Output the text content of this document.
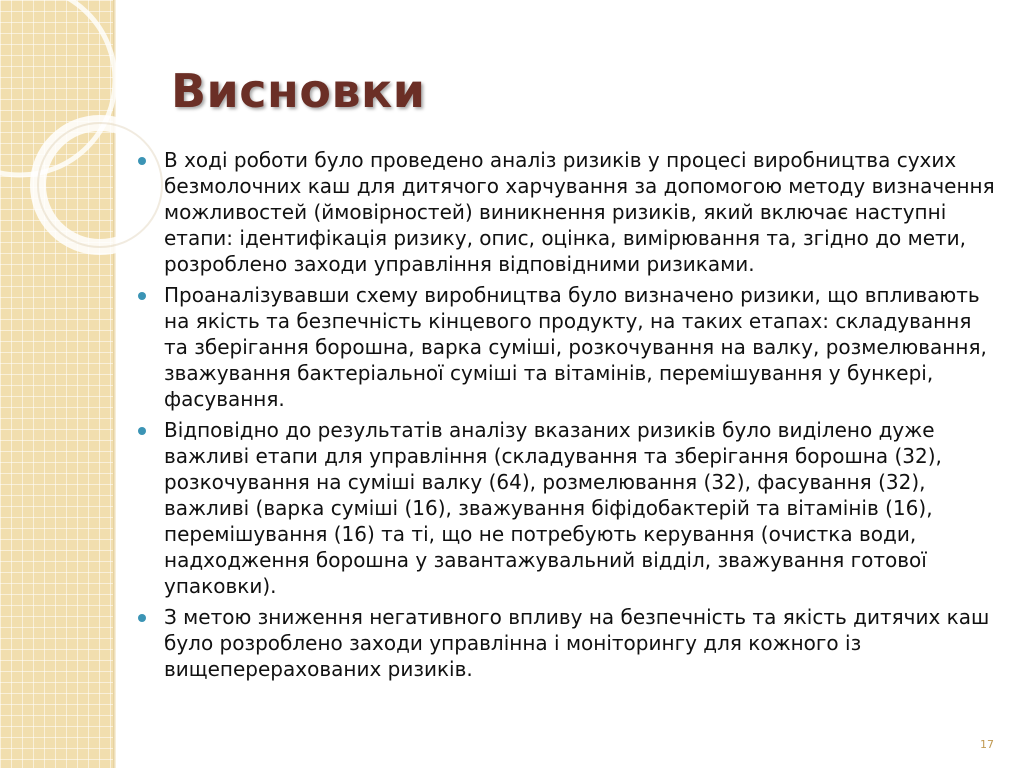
Висновки
В ході роботи було проведено аналіз ризиків у процесі виробництва сухих безмолочних каш для дитячого харчування за допомогою методу визначення можливостей (ймовірностей) виникнення ризиків, який включає наступні етапи: ідентифікація ризику, опис, оцінка, вимірювання та, згідно до мети, розроблено заходи управління відповідними ризиками.
Проаналізувавши схему виробництва було визначено ризики, що впливають на якість та безпечність кінцевого продукту, на таких етапах: складування та зберігання борошна, варка суміші, розкочування на валку, розмелювання, зважування бактеріальної суміші та вітамінів, перемішування у бункері, фасування.
Відповідно до результатів аналізу вказаних ризиків було виділено дуже важливі етапи для управління (складування та зберігання борошна (32), розкочування на суміші валку (64), розмелювання (32), фасування (32), важливі (варка суміші (16), зважування біфідобактерій та вітамінів (16), перемішування (16) та ті, що не потребують керування (очистка води, надходження борошна у завантажувальний відділ, зважування готової упаковки).
З метою зниження негативного впливу на безпечність та якість дитячих каш було розроблено заходи управлінна і моніторингу для кожного із вищеперерахованих ризиків.
17
